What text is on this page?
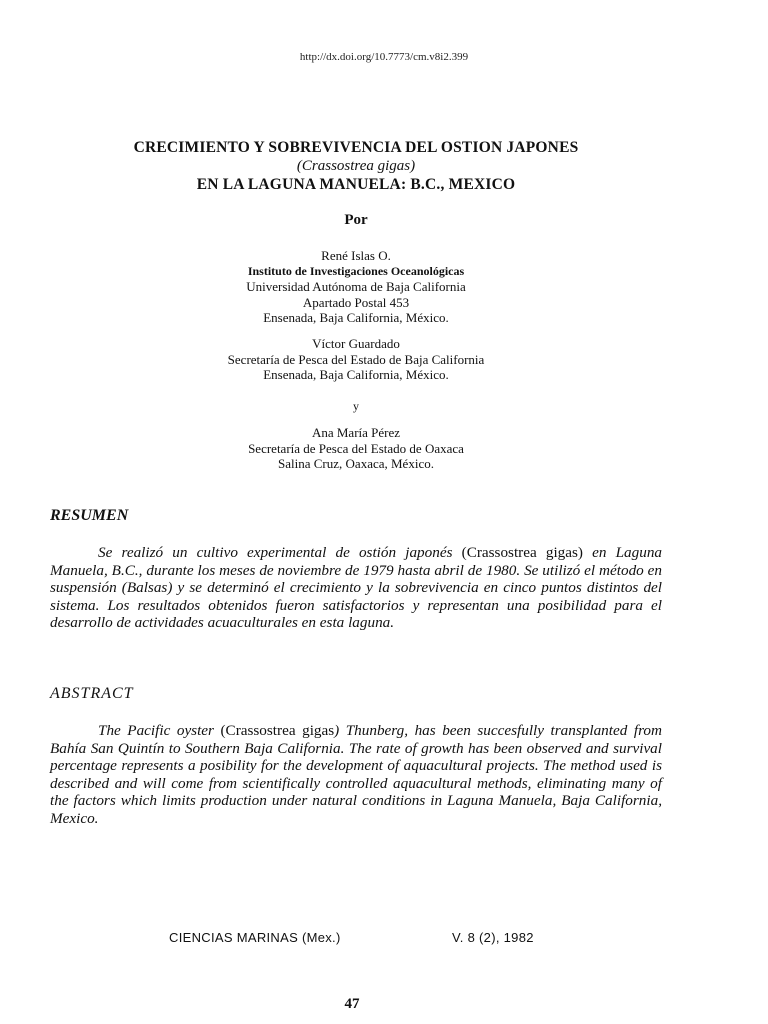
http://dx.doi.org/10.7773/cm.v8i2.399
CRECIMIENTO Y SOBREVIVENCIA DEL OSTION JAPONES
(Crassostrea gigas)
EN LA LAGUNA MANUELA: B.C., MEXICO
Por
René Islas O.
Instituto de Investigaciones Oceanológicas
Universidad Autónoma de Baja California
Apartado Postal 453
Ensenada, Baja California, México.
Víctor Guardado
Secretaría de Pesca del Estado de Baja California
Ensenada, Baja California, México.
y
Ana María Pérez
Secretaría de Pesca del Estado de Oaxaca
Salina Cruz, Oaxaca, México.
RESUMEN
Se realizó un cultivo experimental de ostión japonés (Crassostrea gigas) en Laguna Manuela, B.C., durante los meses de noviembre de 1979 hasta abril de 1980. Se utilizó el método en suspensión (Balsas) y se determinó el crecimiento y la sobrevivencia en cinco puntos distintos del sistema. Los resultados obtenidos fueron satisfactorios y representan una posibilidad para el desarrollo de actividades acuaculturales en esta laguna.
ABSTRACT
The Pacific oyster (Crassostrea gigas) Thunberg, has been succesfully transplanted from Bahía San Quintín to Southern Baja California. The rate of growth has been observed and survival percentage represents a posibility for the development of aquacultural projects. The method used is described and will come from scientifically controlled aquacultural methods, eliminating many of the factors which limits production under natural conditions in Laguna Manuela, Baja California, Mexico.
CIENCIAS MARINAS (Mex.)	V. 8 (2), 1982
47
